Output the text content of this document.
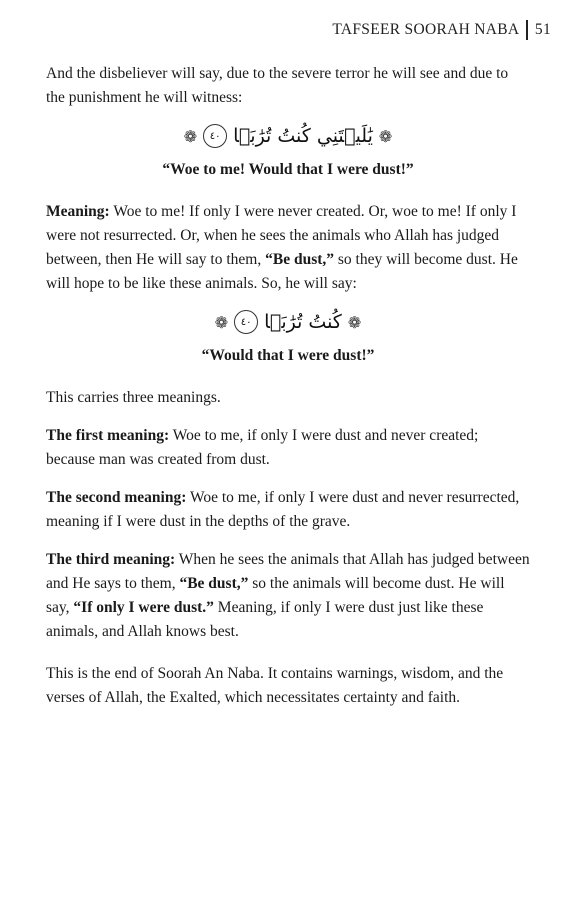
TAFSEER SOORAH NABA 51

And the disbeliever will say, due to the severe terror he will see and due to the punishment he will witness:

❁	٤٠ يَٰلَيۡتَنِي كُنتُ تُرَٰبَۢا ❁

“Woe to me! Would that I were dust!”

Meaning: Woe to me! If only I were never created. Or, woe to me! If only I were not resurrected. Or, when he sees the animals who Allah has judged between, then He will say to them, “Be dust,” so they will become dust. He will hope to be like these animals. So, he will say:

❁	٤٠ كُنتُ تُرَٰبَۢا ❁

“Would that I were dust!”

This carries three meanings.

The first meaning: Woe to me, if only I were dust and never created; because man was created from dust.

The second meaning: Woe to me, if only I were dust and never resurrected, meaning if I were dust in the depths of the grave.

The third meaning: When he sees the animals that Allah has judged between and He says to them, “Be dust,” so the animals will become dust. He will say, “If only I were dust.” Meaning, if only I were dust just like these animals, and Allah knows best.

This is the end of Soorah An Naba. It contains warnings, wisdom, and the verses of Allah, the Exalted, which necessitates certainty and faith.
